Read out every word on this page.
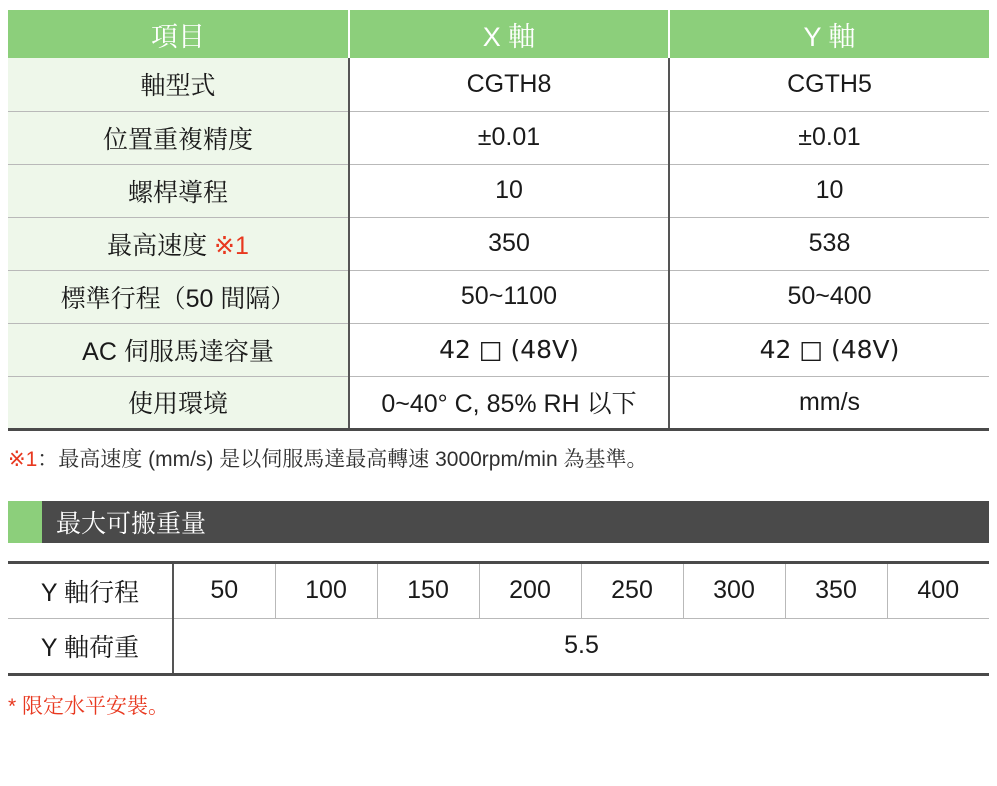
項目	X 軸	Y 軸
軸型式	CGTH8	CGTH5
位置重複精度	±0.01	±0.01
螺桿導程	10	10
最高速度 ※1	350	538
標準行程（50 間隔）	50~1100	50~400
AC 伺服馬達容量	42 □ (48V)	42 □ (48V)
使用環境	0~40° C, 85% RH 以下	mm/s
※1：最高速度 (mm/s) 是以伺服馬達最高轉速 3000rpm/min 為基準。
最大可搬重量
Y 軸行程	50	100	150	200	250	300	350	400
Y 軸荷重	5.5							
* 限定水平安裝。
